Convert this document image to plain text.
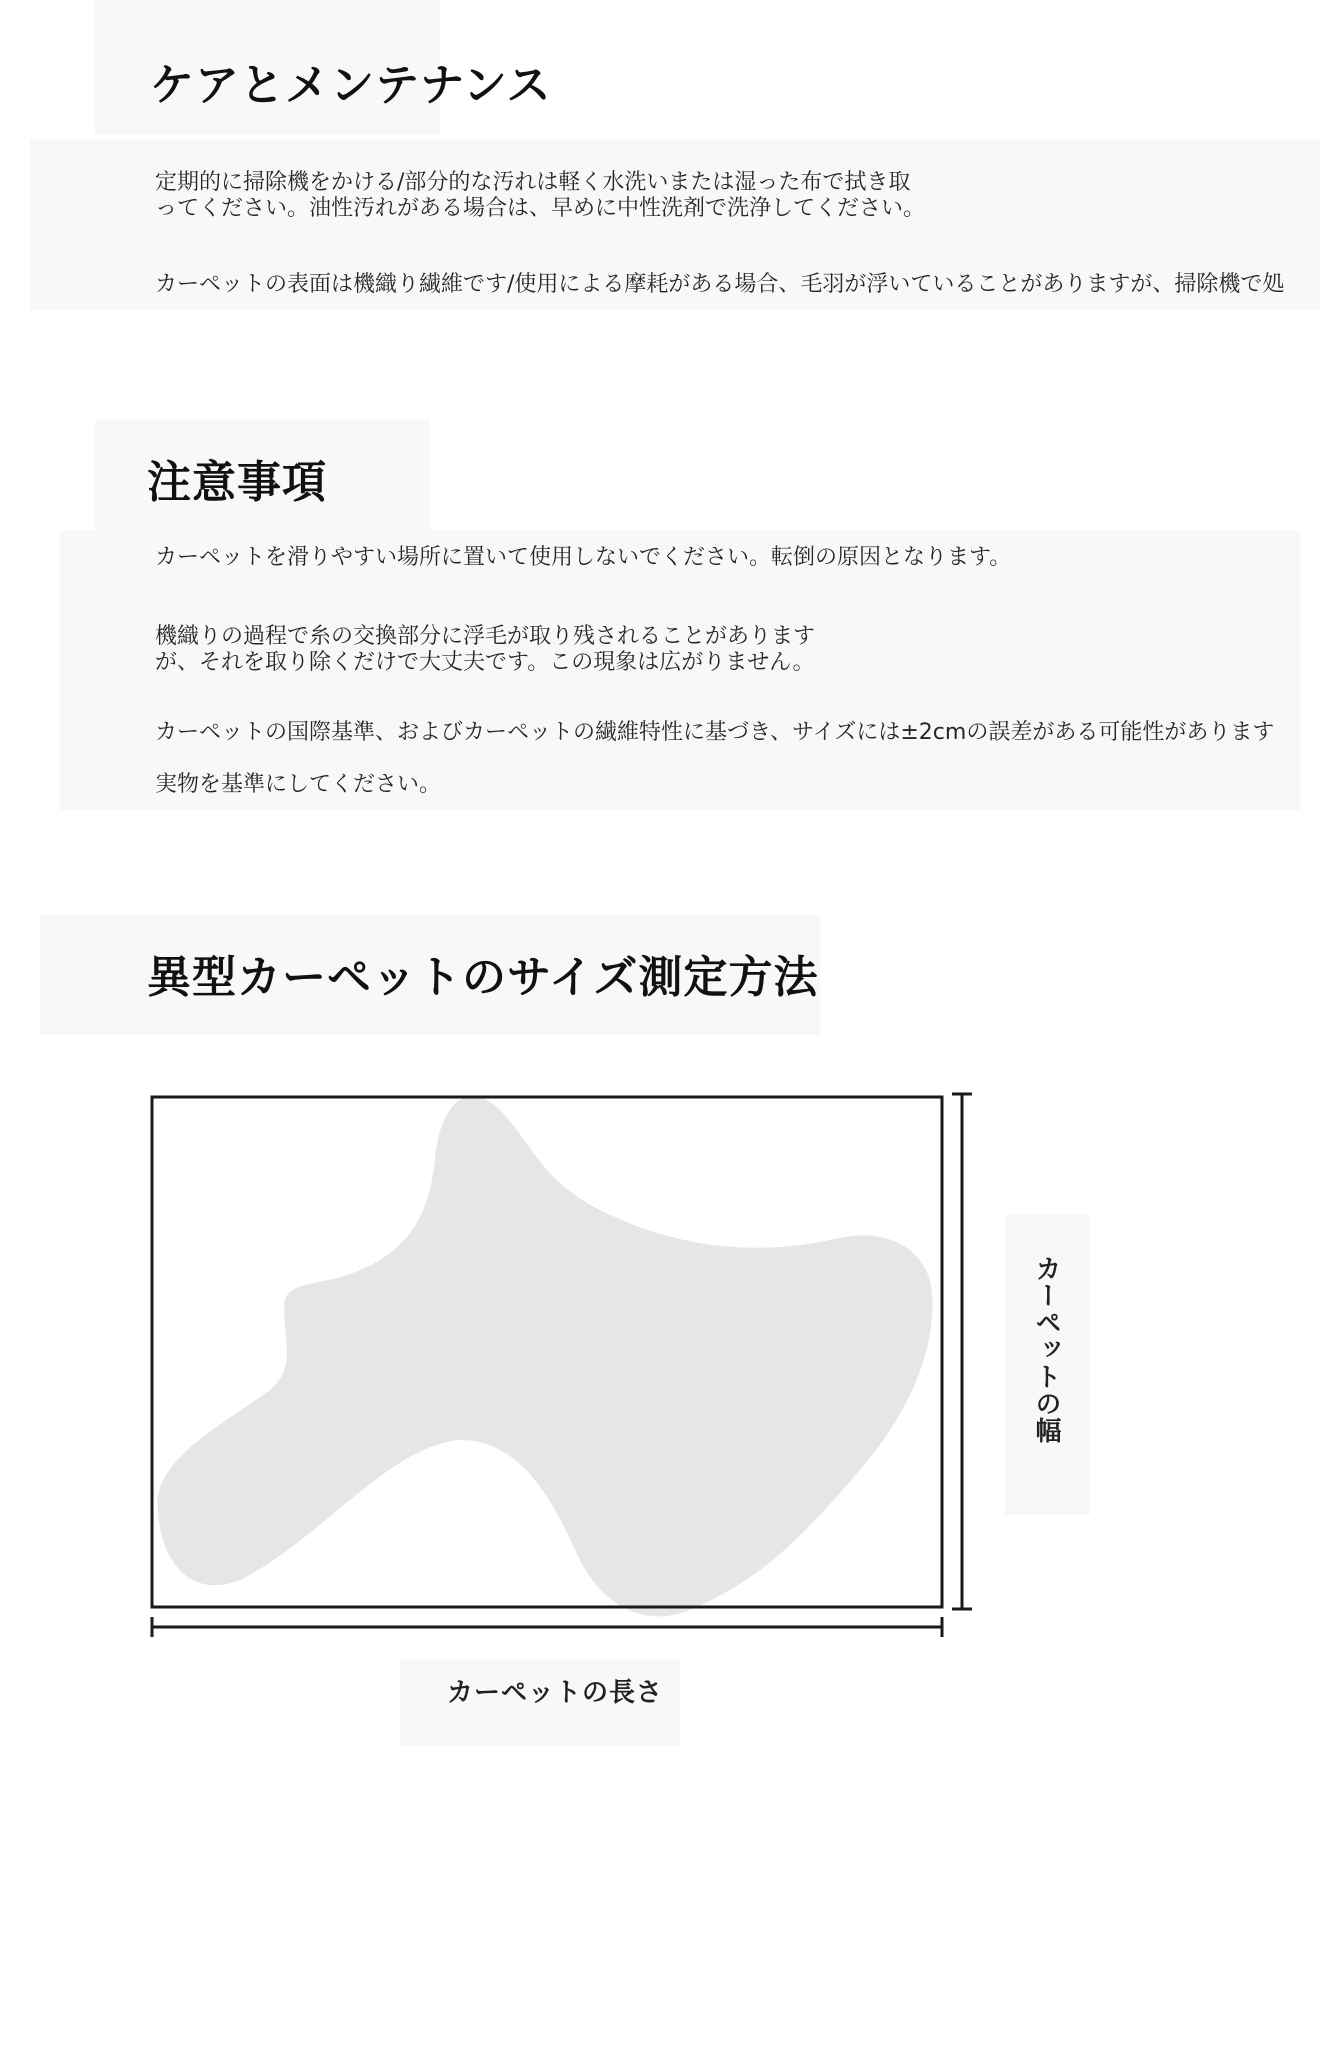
ケアとメンテナンス

定期的に掃除機をかける/部分的な汚れは軽く水洗いまたは湿った布で拭き取

ってください。油性汚れがある場合は、早めに中性洗剤で洗浄してください。

カーペットの表面は機織り繊維です/使用による摩耗がある場合、毛羽が浮いていることがありますが、掃除機で処

注意事項

カーペットを滑りやすい場所に置いて使用しないでください。転倒の原因となります。

機織りの過程で糸の交換部分に浮毛が取り残されることがあります

が、それを取り除くだけで大丈夫です。この現象は広がりません。

カーペットの国際基準、およびカーペットの繊維特性に基づき、サイズには±2cmの誤差がある可能性があります

実物を基準にしてください。

異型カーペットのサイズ測定方法
カーペットの幅
カーペットの長さ
